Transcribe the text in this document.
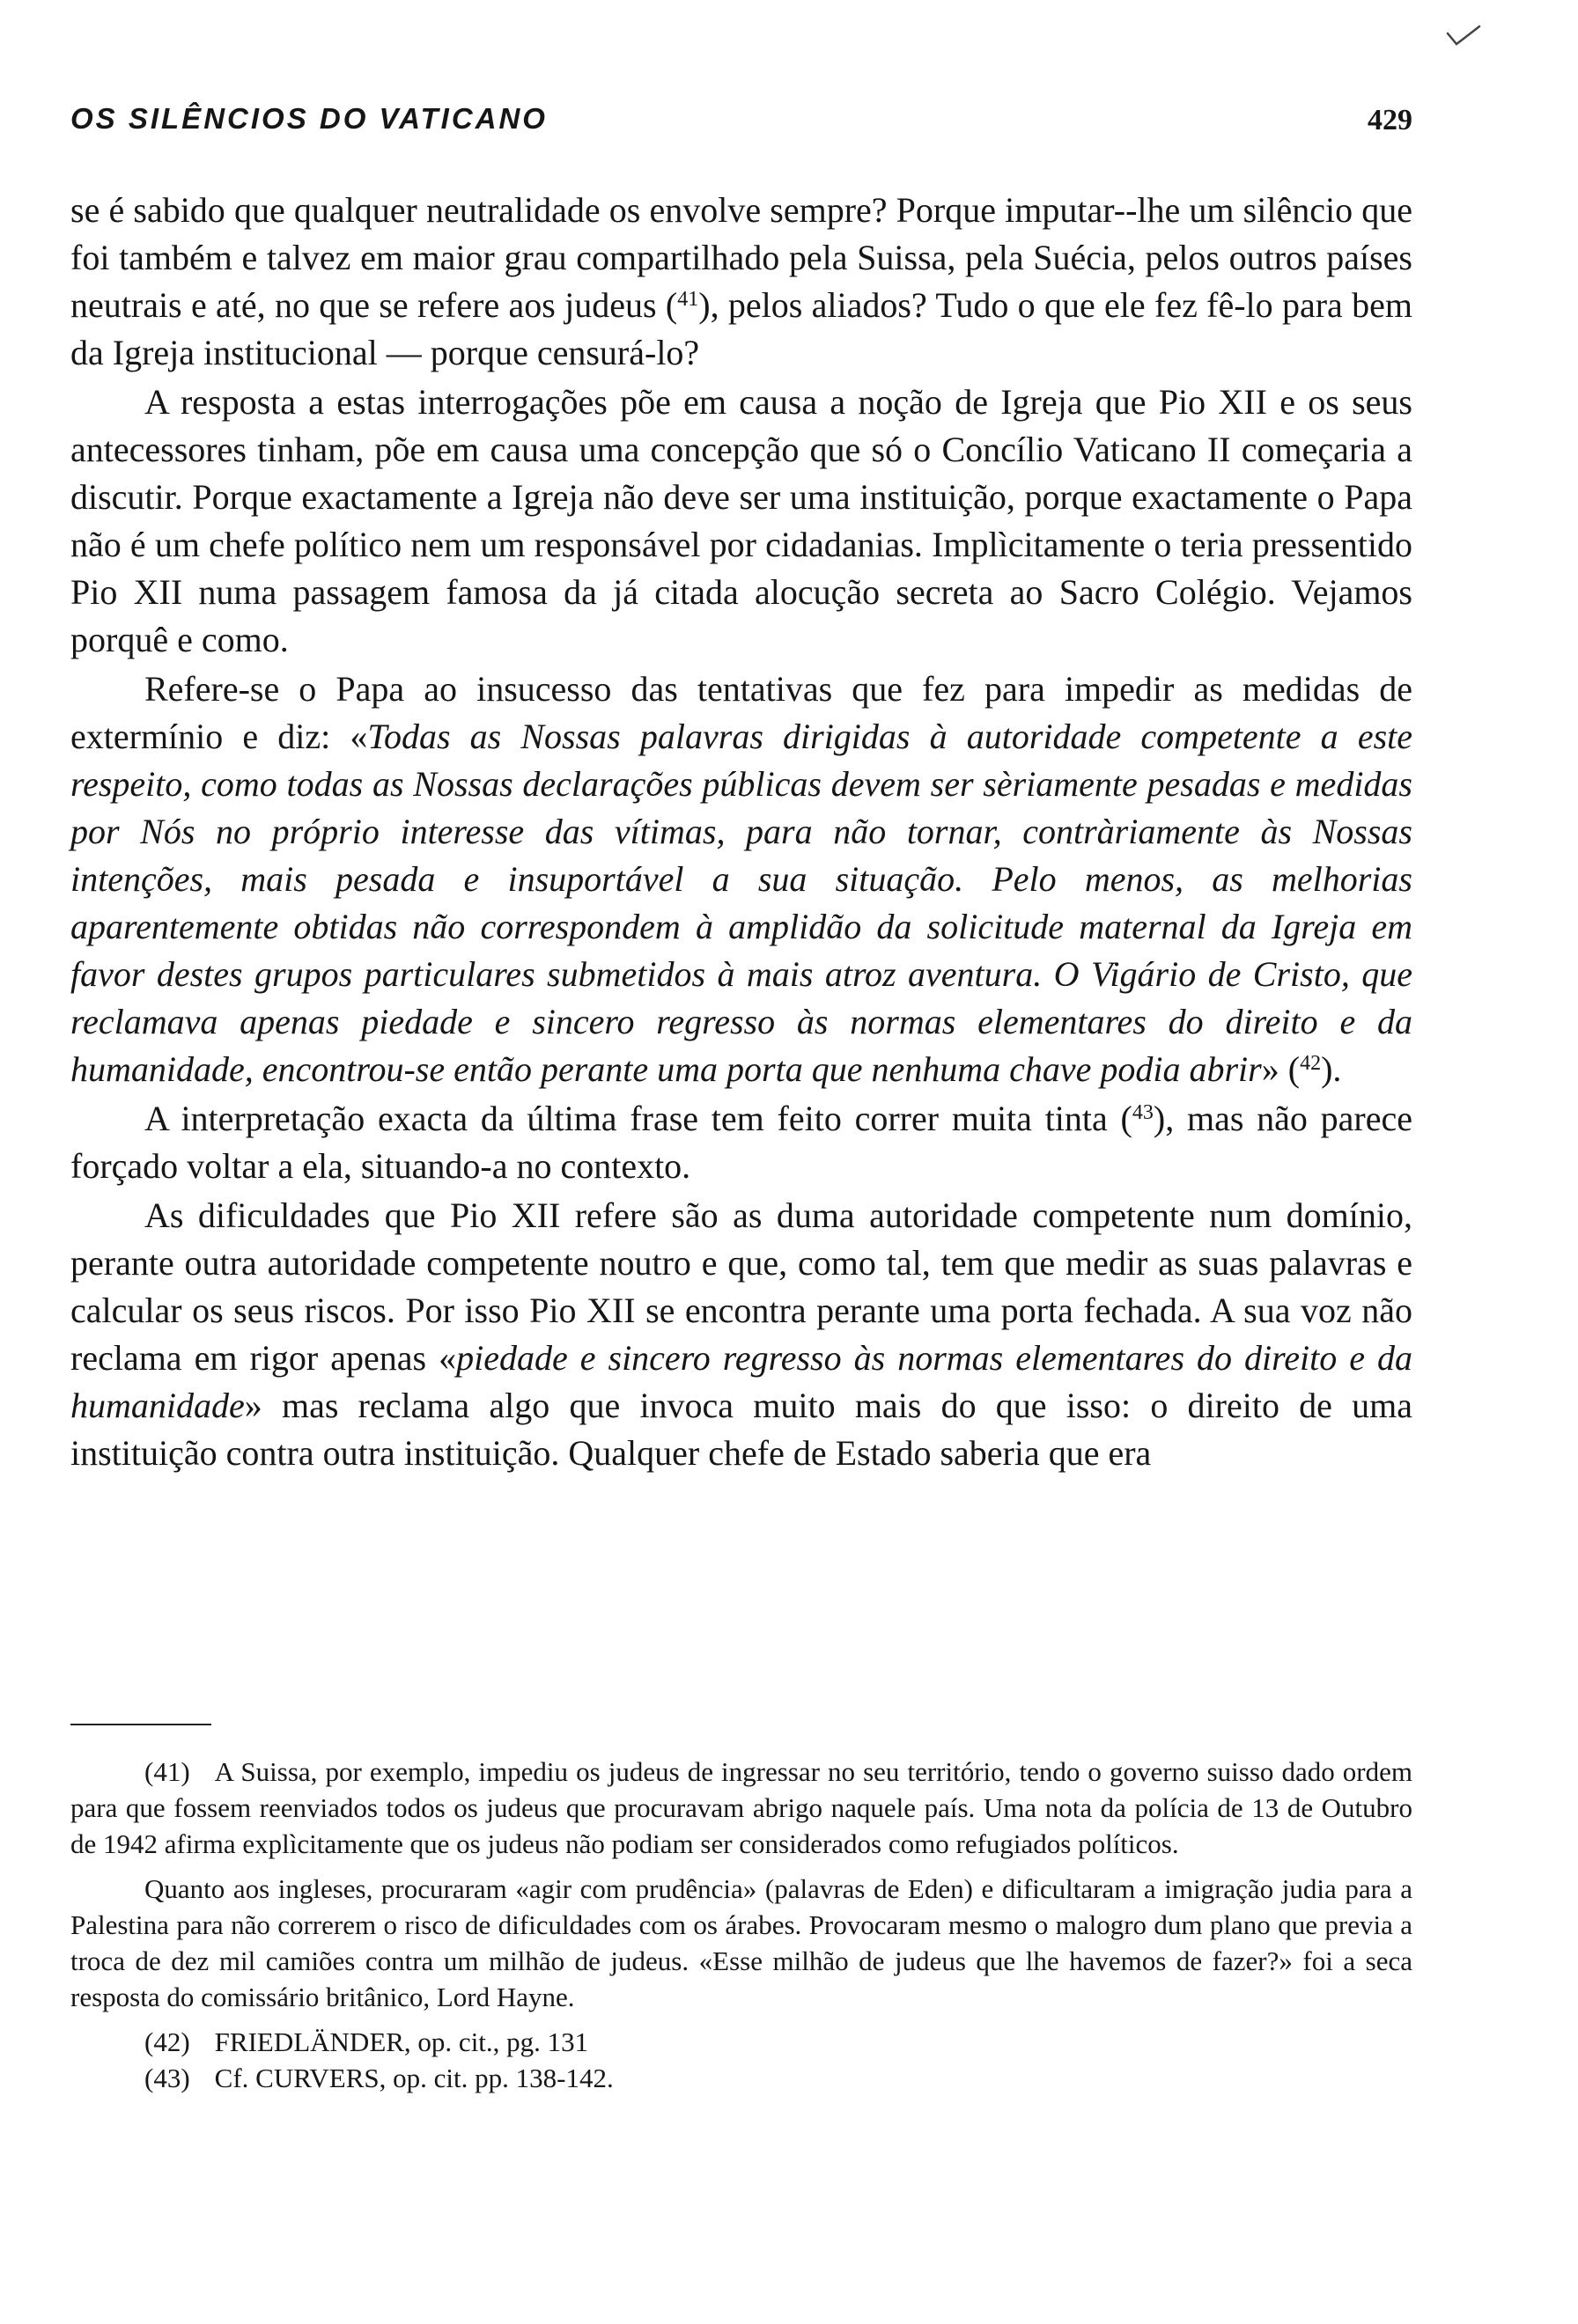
OS SILÊNCIOS DO VATICANO	429

se é sabido que qualquer neutralidade os envolve sempre? Porque imputar--lhe um silêncio que foi também e talvez em maior grau compartilhado pela Suissa, pela Suécia, pelos outros países neutrais e até, no que se refere aos judeus ($^{41}$), pelos aliados? Tudo o que ele fez fê-lo para bem da Igreja institucional — porque censurá-lo?

A resposta a estas interrogações põe em causa a noção de Igreja que Pio XII e os seus antecessores tinham, põe em causa uma concepção que só o Concílio Vaticano II começaria a discutir. Porque exactamente a Igreja não deve ser uma instituição, porque exactamente o Papa não é um chefe político nem um responsável por cidadanias. Implìcitamente o teria pressentido Pio XII numa passagem famosa da já citada alocução secreta ao Sacro Colégio. Vejamos porquê e como.

Refere-se o Papa ao insucesso das tentativas que fez para impedir as medidas de extermínio e diz: «Todas as Nossas palavras dirigidas à autoridade competente a este respeito, como todas as Nossas declarações públicas devem ser sèriamente pesadas e medidas por Nós no próprio interesse das vítimas, para não tornar, contràriamente às Nossas intenções, mais pesada e insuportável a sua situação. Pelo menos, as melhorias aparentemente obtidas não correspondem à amplidão da solicitude maternal da Igreja em favor destes grupos particulares submetidos à mais atroz aventura. O Vigário de Cristo, que reclamava apenas piedade e sincero regresso às normas elementares do direito e da humanidade, encontrou-se então perante uma porta que nenhuma chave podia abrir» ($^{42}$).

A interpretação exacta da última frase tem feito correr muita tinta ($^{43}$), mas não parece forçado voltar a ela, situando-a no contexto.

As dificuldades que Pio XII refere são as duma autoridade competente num domínio, perante outra autoridade competente noutro e que, como tal, tem que medir as suas palavras e calcular os seus riscos. Por isso Pio XII se encontra perante uma porta fechada. A sua voz não reclama em rigor apenas «piedade e sincero regresso às normas elementares do direito e da humanidade» mas reclama algo que invoca muito mais do que isso: o direito de uma instituição contra outra instituição. Qualquer chefe de Estado saberia que era

(41) A Suissa, por exemplo, impediu os judeus de ingressar no seu território, tendo o governo suisso dado ordem para que fossem reenviados todos os judeus que procuravam abrigo naquele país. Uma nota da polícia de 13 de Outubro de 1942 afirma explìcitamente que os judeus não podiam ser considerados como refugiados políticos.

Quanto aos ingleses, procuraram «agir com prudência» (palavras de Eden) e dificultaram a imigração judia para a Palestina para não correrem o risco de dificuldades com os árabes. Provocaram mesmo o malogro dum plano que previa a troca de dez mil camiões contra um milhão de judeus. «Esse milhão de judeus que lhe havemos de fazer?» foi a seca resposta do comissário britânico, Lord Hayne.

(42) FRIEDLÄNDER, op. cit., pg. 131

(43) Cf. CURVERS, op. cit. pp. 138-142.
